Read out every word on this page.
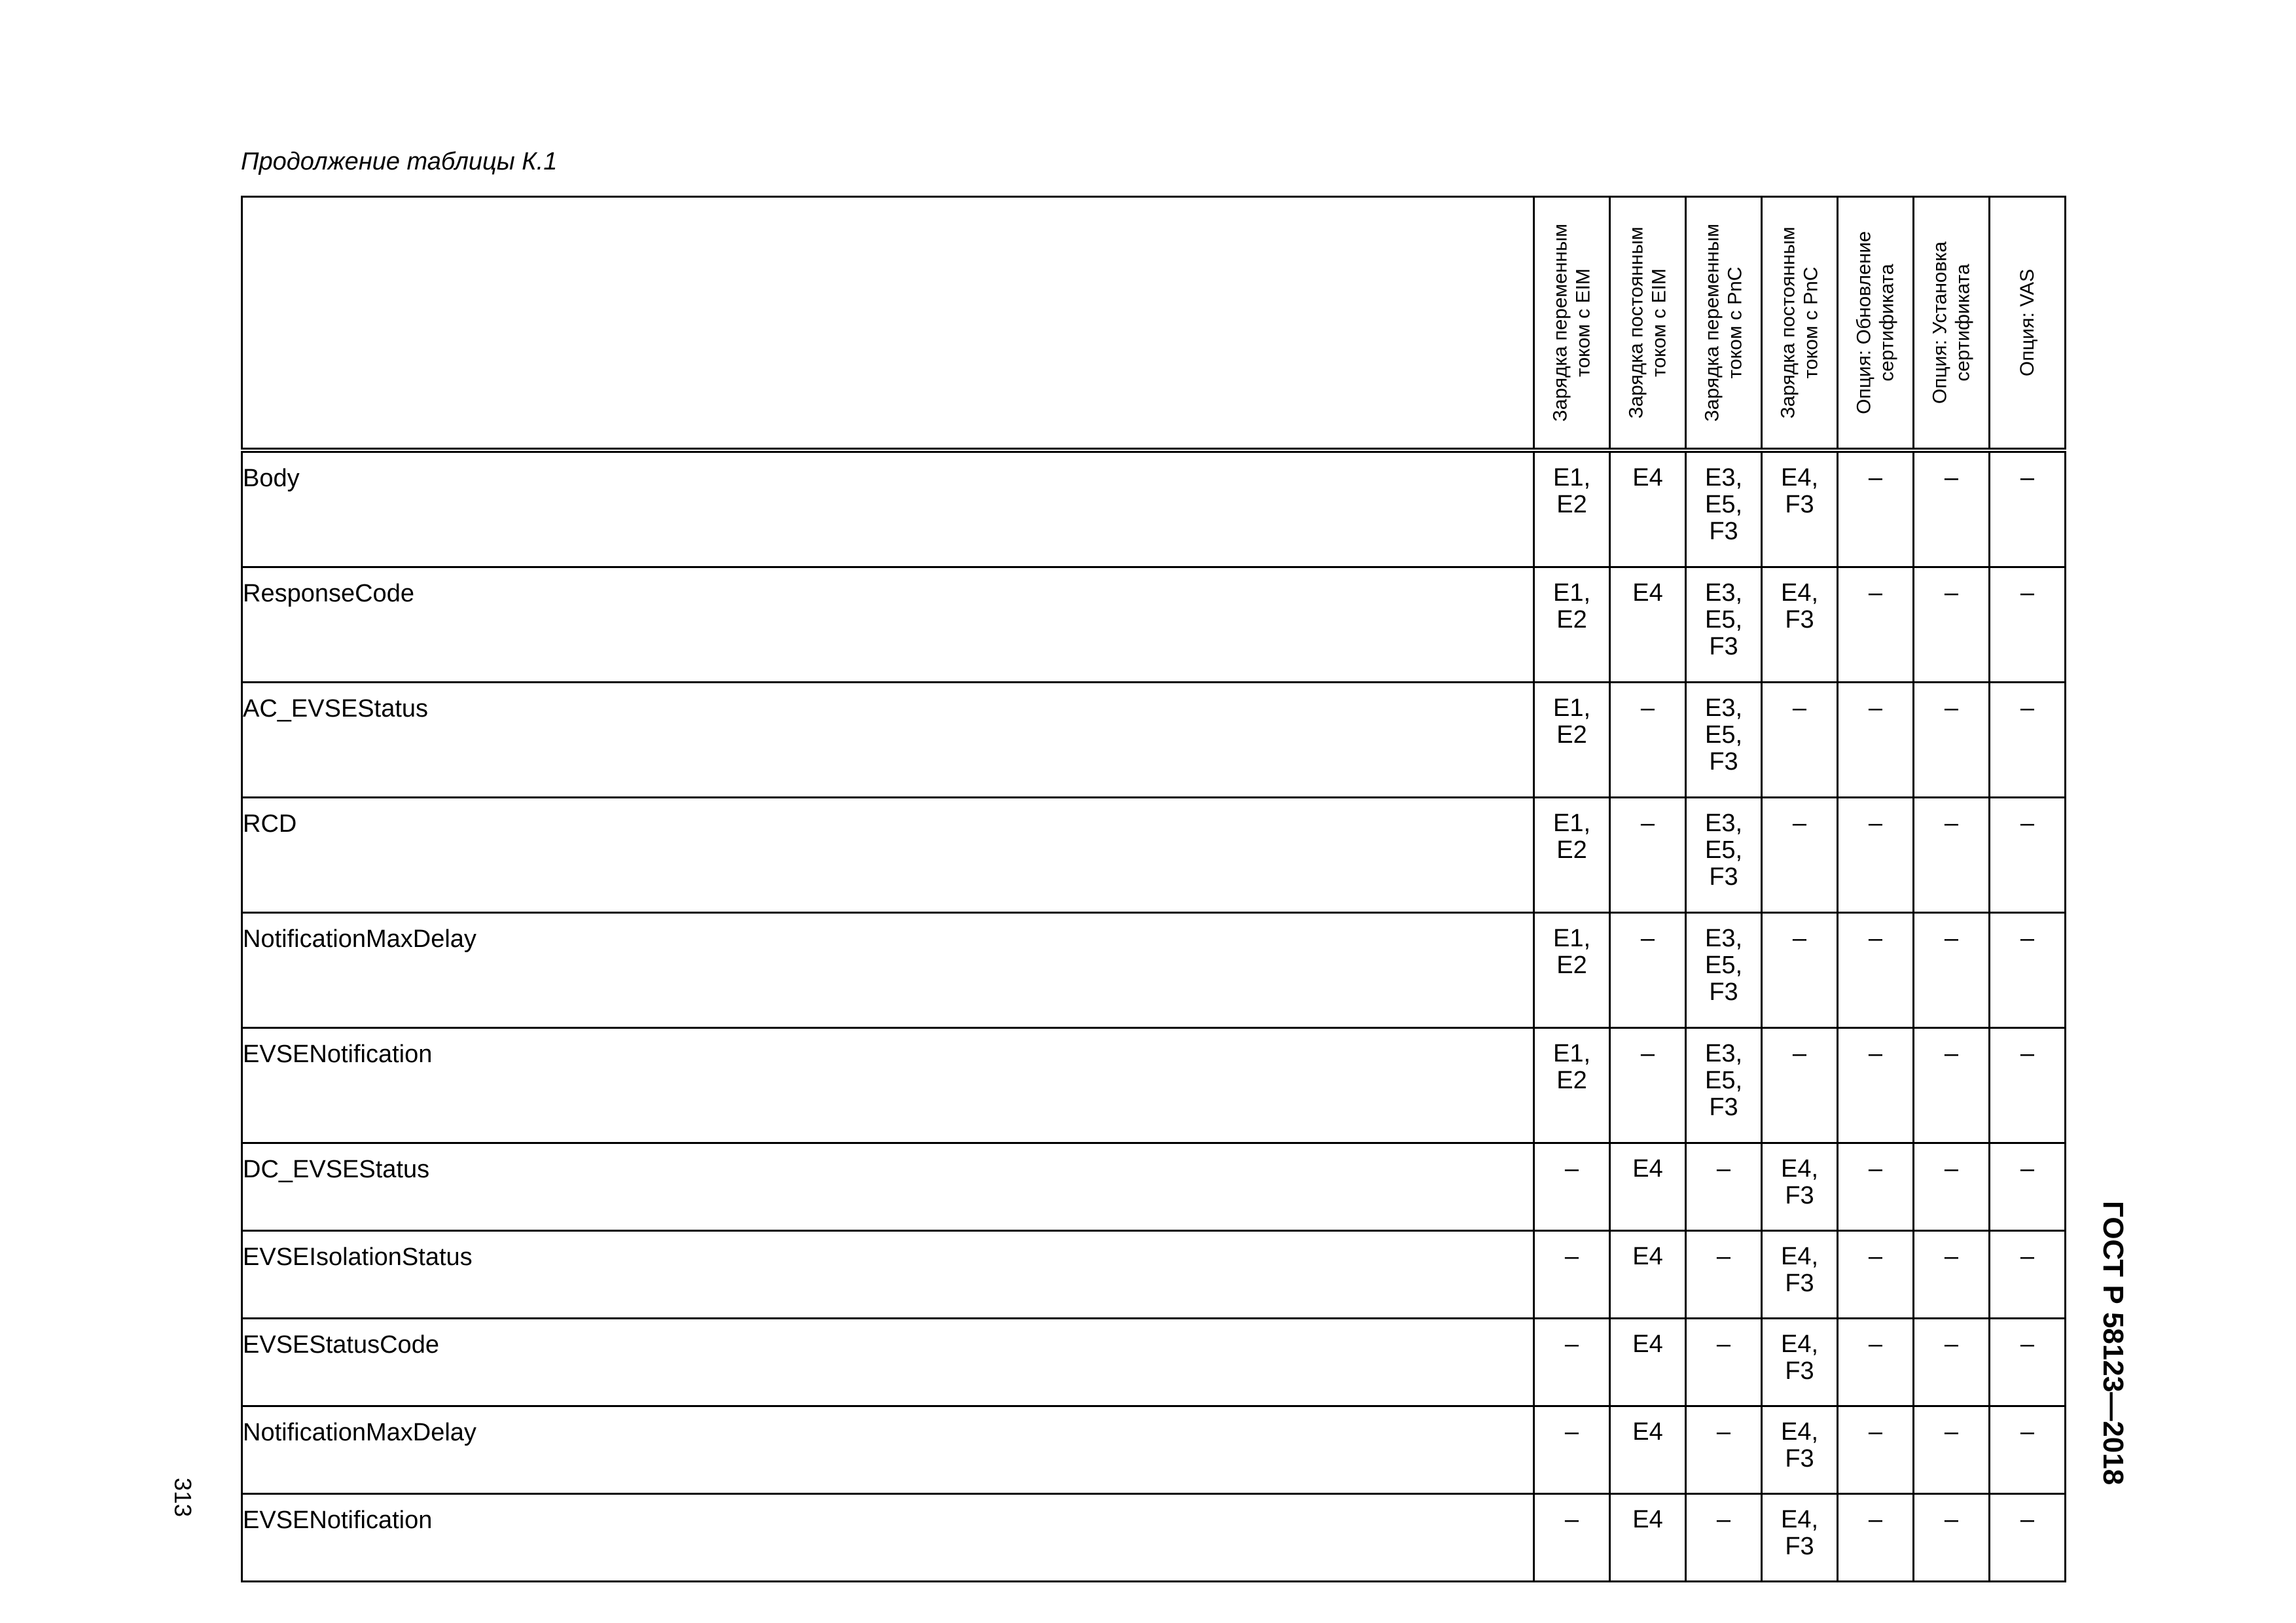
Продолжение таблицы К.1

	Зарядка переменным током с EIM	Зарядка постоянным током с EIM	Зарядка переменным током с PnC	Зарядка постоянным током с PnC	Опция: Обновление сертификата	Опция: Установка сертификата	Опция: VAS

Body	E1,
E2	E4	E3,
E5,
F3	E4,
F3	–	–	–
ResponseCode	E1,
E2	E4	E3,
E5,
F3	E4,
F3	–	–	–
AC_EVSEStatus	E1,
E2	–	E3,
E5,
F3	–	–	–	–
RCD	E1,
E2	–	E3,
E5,
F3	–	–	–	–
NotificationMaxDelay	E1,
E2	–	E3,
E5,
F3	–	–	–	–
EVSENotification	E1,
E2	–	E3,
E5,
F3	–	–	–	–
DC_EVSEStatus	–	E4	–	E4,
F3	–	–	–
EVSEIsolationStatus	–	E4	–	E4,
F3	–	–	–
EVSEStatusCode	–	E4	–	E4,
F3	–	–	–
NotificationMaxDelay	–	E4	–	E4,
F3	–	–	–
EVSENotification	–	E4	–	E4,
F3	–	–	–
ГОСТ Р 58123—2018
313
